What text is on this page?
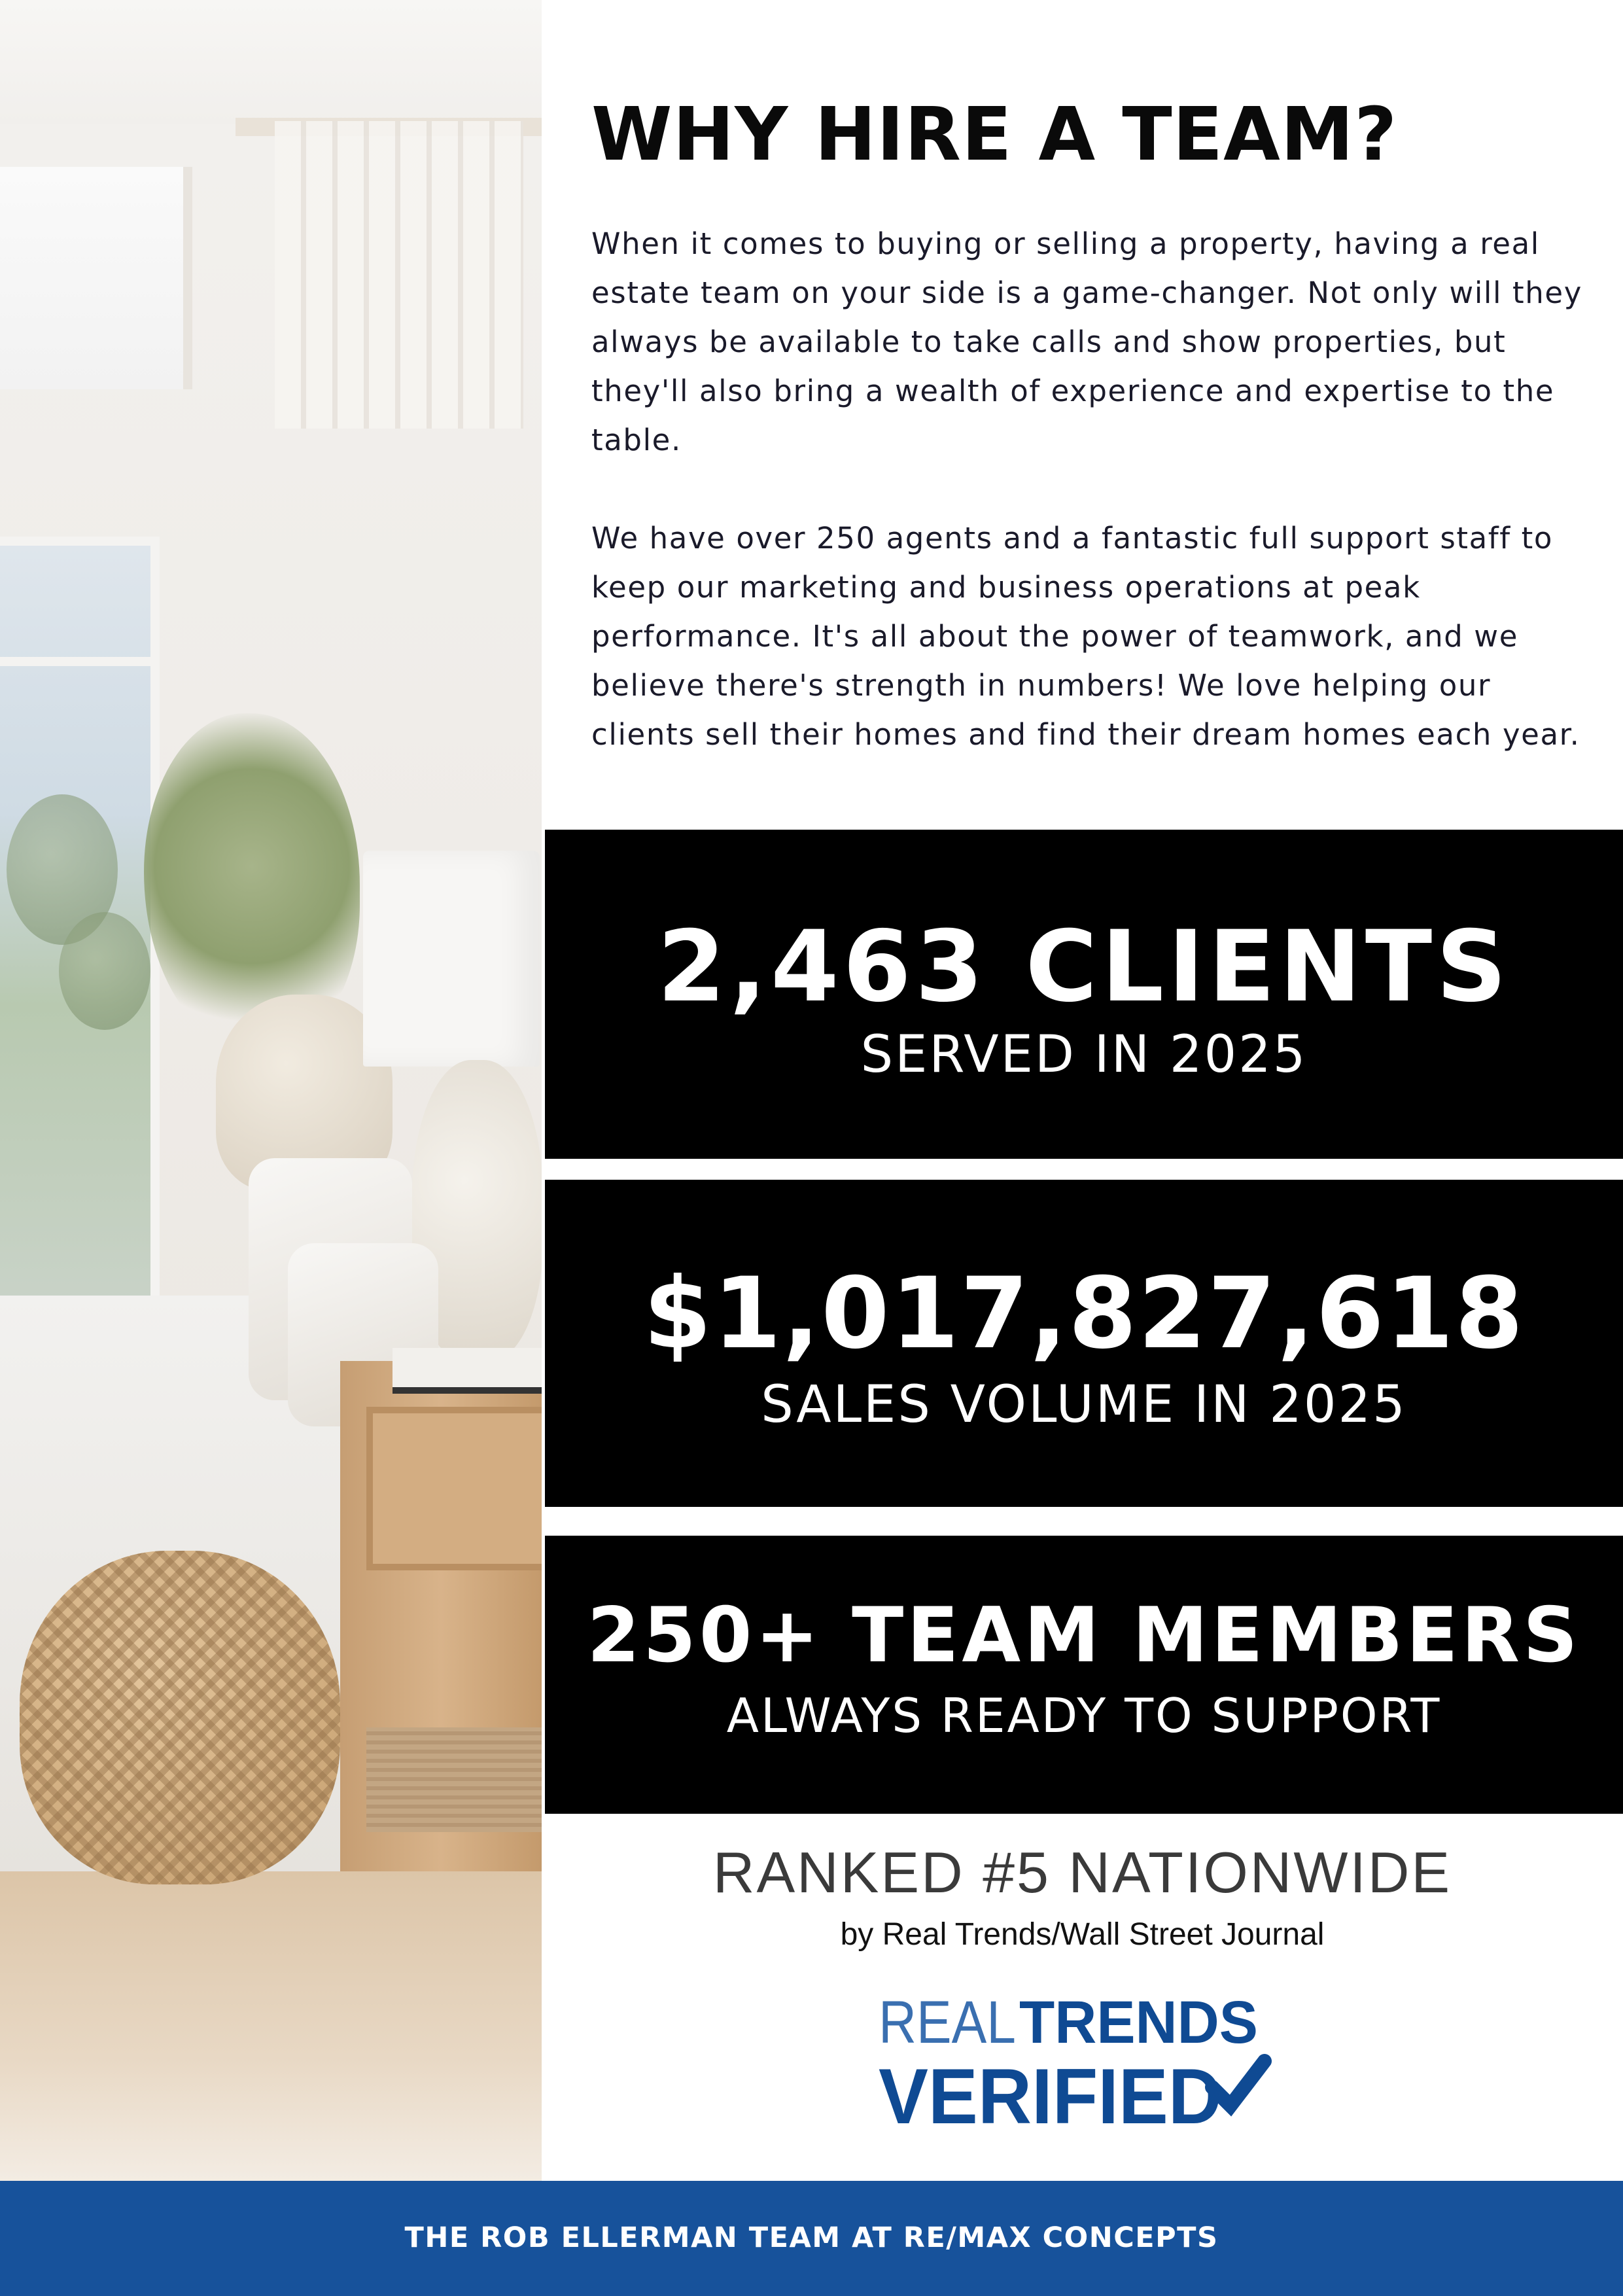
WHY HIRE A TEAM?

When it comes to buying or selling a property, having a real estate team on your side is a game-changer. Not only will they always be available to take calls and show properties, but they'll also bring a wealth of experience and expertise to the table.

We have over 250 agents and a fantastic full support staff to keep our marketing and business operations at peak performance. It's all about the power of teamwork, and we believe there's strength in numbers! We love helping our clients sell their homes and find their dream homes each year.

2,463 CLIENTS
SERVED IN 2025
$1,017,827,618
SALES VOLUME IN 2025
250+ TEAM MEMBERS
ALWAYS READY TO SUPPORT
RANKED #5 NATIONWIDE
by Real Trends/Wall Street Journal
REAL TRENDS
VERIFIED
THE ROB ELLERMAN TEAM AT RE/MAX CONCEPTS
